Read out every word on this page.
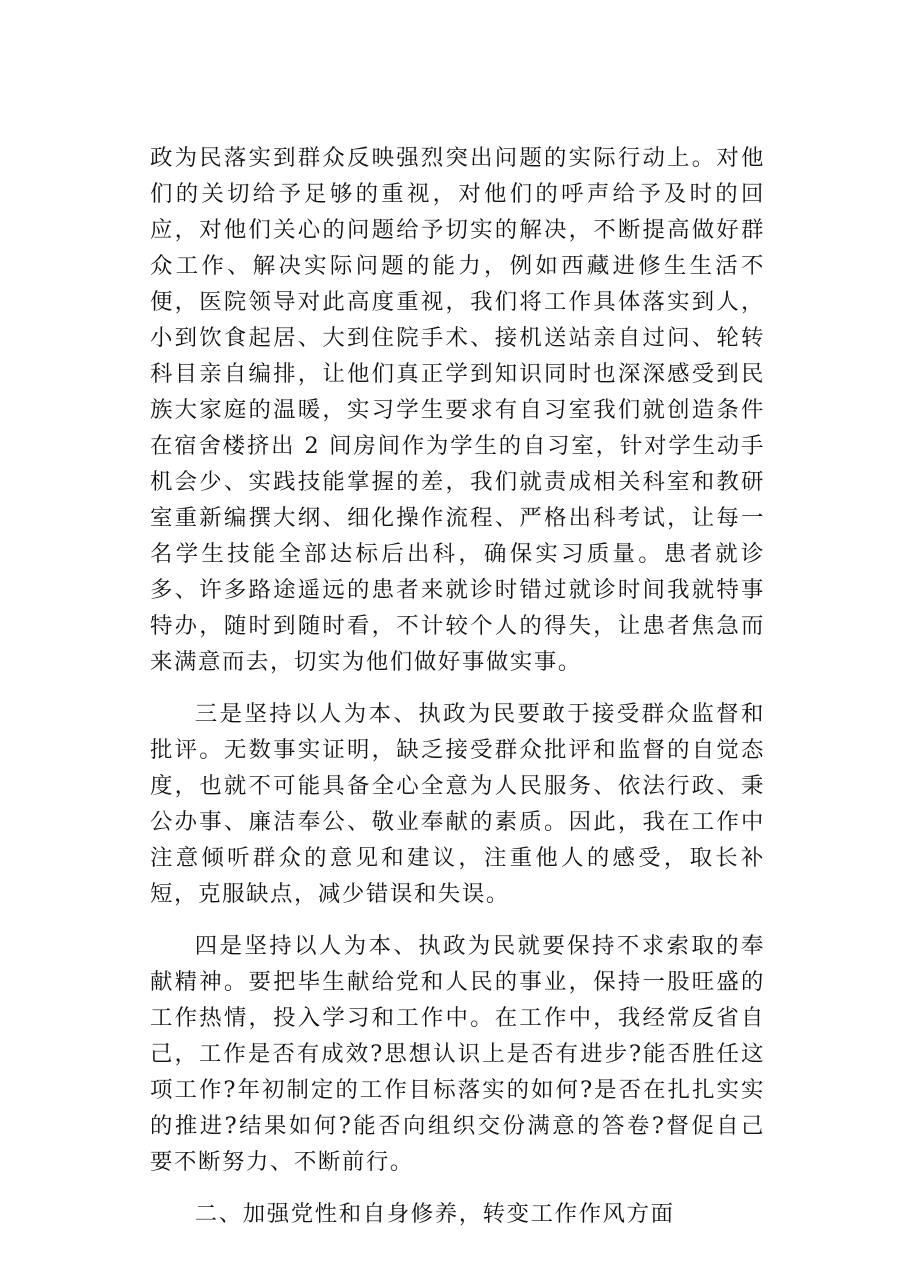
政为民落实到群众反映强烈突出问题的实际行动上。对他们的关切给予足够的重视，对他们的呼声给予及时的回应，对他们关心的问题给予切实的解决，不断提高做好群众工作、解决实际问题的能力，例如西藏进修生生活不便，医院领导对此高度重视，我们将工作具体落实到人，小到饮食起居、大到住院手术、接机送站亲自过问、轮转科目亲自编排，让他们真正学到知识同时也深深感受到民族大家庭的温暖，实习学生要求有自习室我们就创造条件在宿舍楼挤出 2 间房间作为学生的自习室，针对学生动手机会少、实践技能掌握的差，我们就责成相关科室和教研室重新编撰大纲、细化操作流程、严格出科考试，让每一名学生技能全部达标后出科，确保实习质量。患者就诊多、许多路途遥远的患者来就诊时错过就诊时间我就特事特办，随时到随时看，不计较个人的得失，让患者焦急而来满意而去，切实为他们做好事做实事。

三是坚持以人为本、执政为民要敢于接受群众监督和批评。无数事实证明，缺乏接受群众批评和监督的自觉态度，也就不可能具备全心全意为人民服务、依法行政、秉公办事、廉洁奉公、敬业奉献的素质。因此，我在工作中注意倾听群众的意见和建议，注重他人的感受，取长补短，克服缺点，减少错误和失误。

四是坚持以人为本、执政为民就要保持不求索取的奉献精神。要把毕生献给党和人民的事业，保持一股旺盛的工作热情，投入学习和工作中。在工作中，我经常反省自己，工作是否有成效?思想认识上是否有进步?能否胜任这项工作?年初制定的工作目标落实的如何?是否在扎扎实实的推进?结果如何?能否向组织交份满意的答卷?督促自己要不断努力、不断前行。

二、加强党性和自身修养，转变工作作风方面
